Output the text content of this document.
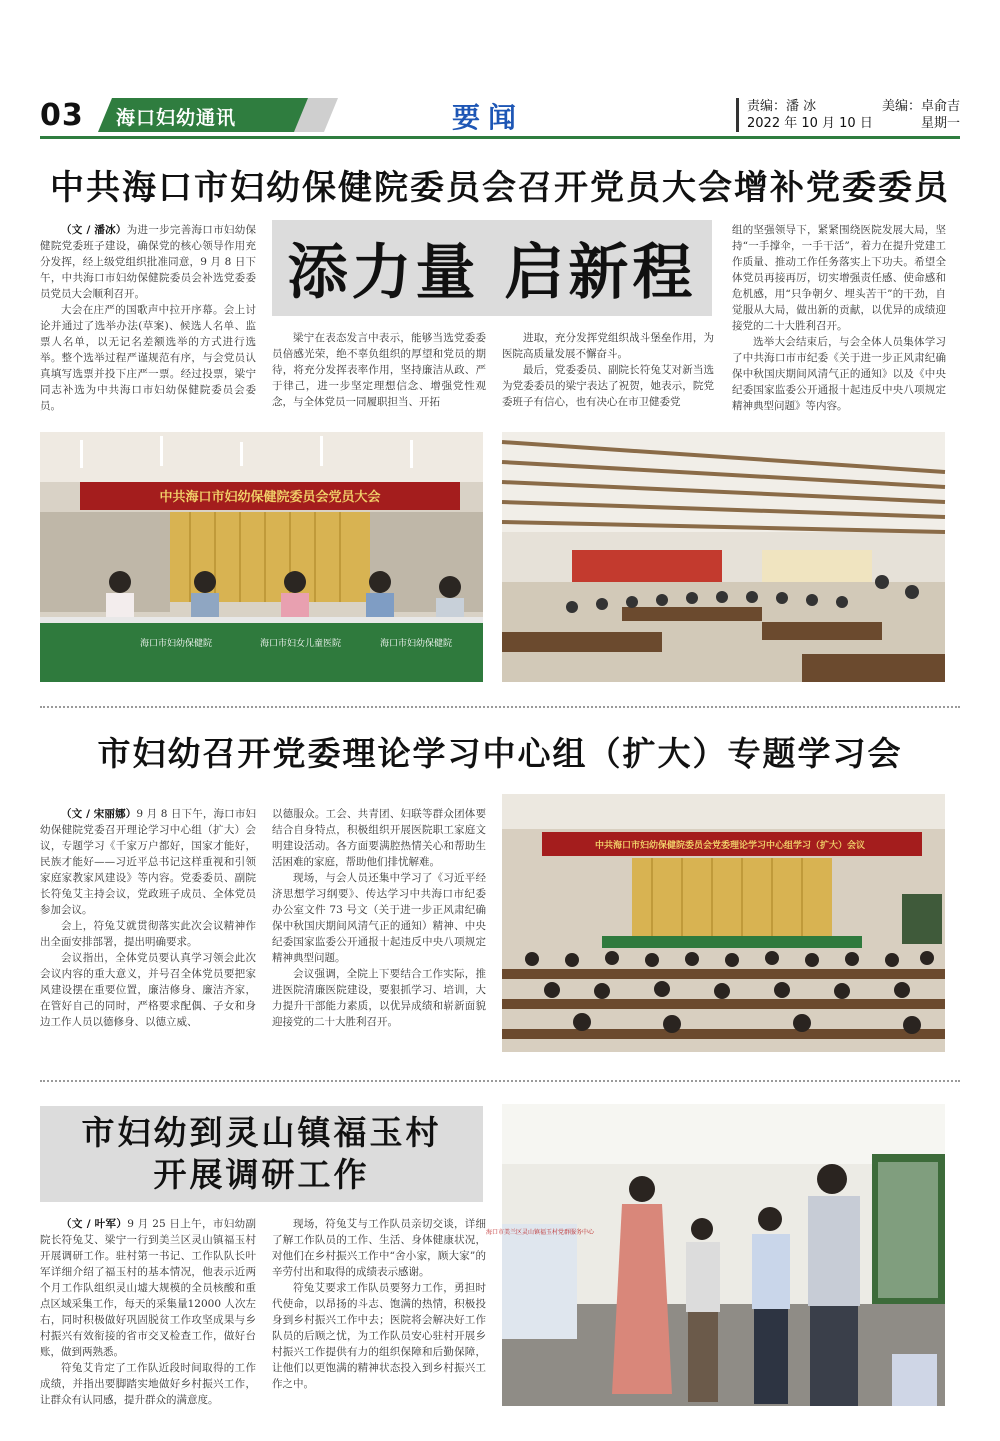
03 海口妇幼通讯	要闻	责编：潘 冰	美编：卓俞吉
2022 年 10 月 10 日	星期一
中共海口市妇幼保健院委员会召开党员大会增补党委委员

（文 / 潘冰）为进一步完善海口市妇幼保健院党委班子建设，确保党的核心领导作用充分发挥，经上级党组织批准同意，9 月 8 日下午，中共海口市妇幼保健院委员会补选党委委员党员大会顺利召开。

大会在庄严的国歌声中拉开序幕。会上讨论并通过了选举办法(草案)、候选人名单、监票人名单，以无记名差额选举的方式进行选举。整个选举过程严谨规范有序，与会党员认真填写选票并投下庄严一票。经过投票，梁宁同志补选为中共海口市妇幼保健院委员会委员。

添力量 启新程

梁宁在表态发言中表示，能够当选党委委员倍感光荣，绝不辜负组织的厚望和党员的期待，将充分发挥表率作用，坚持廉洁从政、严于律己，进一步坚定理想信念、增强党性观念，与全体党员一同履职担当、开拓

进取，充分发挥党组织战斗堡垒作用，为医院高质量发展不懈奋斗。

最后，党委委员、副院长符兔艾对新当选为党委委员的梁宁表达了祝贺，她表示，院党委班子有信心，也有决心在市卫健委党

组的坚强领导下，紧紧围绕医院发展大局，坚持“一手撑伞，一手干活”，着力在提升党建工作质量、推动工作任务落实上下功夫。希望全体党员再接再厉，切实增强责任感、使命感和危机感，用“只争朝夕、埋头苦干”的干劲，自觉服从大局，做出新的贡献，以优异的成绩迎接党的二十大胜利召开。

选举大会结束后，与会全体人员集体学习了中共海口市市纪委《关于进一步正风肃纪确保中秋国庆期间风清气正的通知》以及《中央纪委国家监委公开通报十起违反中央八项规定精神典型问题》等内容。

中共海口市妇幼保健院委员会党员大会
海口市妇幼保健院	海口市妇女儿童医院	海口市妇幼保健院
市妇幼召开党委理论学习中心组（扩大）专题学习会

（文 / 宋丽娜）9 月 8 日下午，海口市妇幼保健院党委召开理论学习中心组（扩大）会议，专题学习《千家万户都好，国家才能好，民族才能好——习近平总书记这样重视和引领家庭家教家风建设》等内容。党委委员、副院长符兔艾主持会议，党政班子成员、全体党员参加会议。

会上，符兔艾就贯彻落实此次会议精神作出全面安排部署，提出明确要求。

会议指出，全体党员要认真学习领会此次会议内容的重大意义，并号召全体党员要把家风建设摆在重要位置，廉洁修身、廉洁齐家，在管好自己的同时，严格要求配偶、子女和身边工作人员以德修身、以德立威、

以德服众。工会、共青团、妇联等群众团体要结合自身特点，积极组织开展医院职工家庭文明建设活动。各方面要满腔热情关心和帮助生活困难的家庭，帮助他们排忧解难。

现场，与会人员还集中学习了《习近平经济思想学习纲要》、传达学习中共海口市纪委办公室文件 73 号文（关于进一步正风肃纪确保中秋国庆期间风清气正的通知）精神、中央纪委国家监委公开通报十起违反中央八项规定精神典型问题。

会议强调，全院上下要结合工作实际，推进医院清廉医院建设，要狠抓学习、培训，大力提升干部能力素质，以优异成绩和崭新面貌迎接党的二十大胜利召开。

中共海口市妇幼保健院委员会党委理论学习中心组学习（扩大）会议
市妇幼到灵山镇福玉村
开展调研工作

（文 / 叶军）9 月 25 日上午，市妇幼副院长符兔艾、梁宁一行到美兰区灵山镇福玉村开展调研工作。驻村第一书记、工作队队长叶军详细介绍了福玉村的基本情况，他表示近两个月工作队组织灵山墟大规模的全员核酸和重点区域采集工作，每天的采集量12000 人次左右，同时积极做好巩固脱贫工作攻坚成果与乡村振兴有效衔接的省市交叉检查工作，做好台账，做到两熟悉。

符兔艾肯定了工作队近段时间取得的工作成绩，并指出要脚踏实地做好乡村振兴工作，让群众有认同感，提升群众的满意度。

现场，符兔艾与工作队员亲切交谈，详细了解工作队员的工作、生活、身体健康状况，对他们在乡村振兴工作中“舍小家，顾大家”的辛劳付出和取得的成绩表示感谢。

符兔艾要求工作队员要努力工作，勇担时代使命，以昂扬的斗志、饱满的热情，积极投身到乡村振兴工作中去；医院将会解决好工作队员的后顾之忧，为工作队员安心驻村开展乡村振兴工作提供有力的组织保障和后勤保障，让他们以更饱满的精神状态投入到乡村振兴工作之中。

海口市美兰区灵山镇福玉村党群服务中心
